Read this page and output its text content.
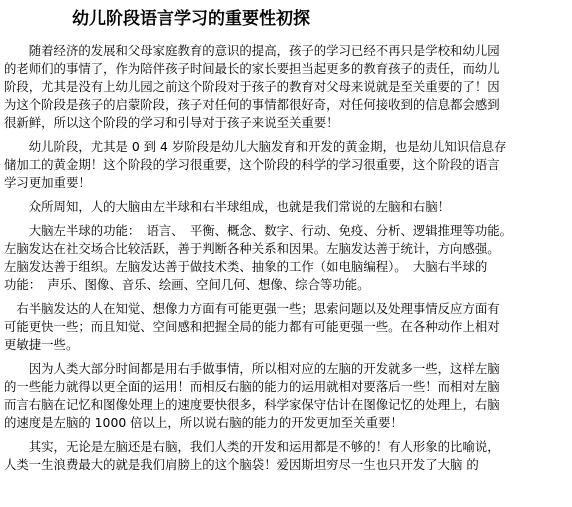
幼儿阶段语言学习的重要性初探

　　随着经济的发展和父母家庭教育的意识的提高，孩子的学习已经不再只是学校和幼儿园

的老师们的事情了，作为陪伴孩子时间最长的家长要担当起更多的教育孩子的责任，而幼儿

阶段，尤其是没有上幼儿园之前这个阶段对于孩子的教育对父母来说就是至关重要的了！因

为这个阶段是孩子的启蒙阶段，孩子对任何的事情都很好奇，对任何接收到的信息都会感到

很新鲜，所以这个阶段的学习和引导对于孩子来说至关重要！

　　幼儿阶段，尤其是 0 到 4 岁阶段是幼儿大脑发育和开发的黄金期，也是幼儿知识信息存

储加工的黄金期！这个阶段的学习很重要，这个阶段的科学的学习很重要，这个阶段的语言

学习更加重要！

　　众所周知，人的大脑由左半球和右半球组成，也就是我们常说的左脑和右脑！

　　大脑左半球的功能：　语言、　平衡、概念、数字、行动、免疫、分析、逻辑推理等功能。

左脑发达在社交场合比较活跃，善于判断各种关系和因果。左脑发达善于统计，方向感强。

左脑发达善于组织。左脑发达善于做技术类、抽象的工作（如电脑编程）。　大脑右半球的

功能：　声乐、图像、音乐、绘画、空间几何、想像、综合等功能。

　右半脑发达的人在知觉、想像力方面有可能更强一些；思索问题以及处理事情反应方面有

可能更快一些；而且知觉、空间感和把握全局的能力都有可能更强一些。在各种动作上相对

更敏捷一些。

　　因为人类大部分时间都是用右手做事情，所以相对应的左脑的开发就多一些，这样左脑

的一些能力就得以更全面的运用！而相反右脑的能力的运用就相对要落后一些！而相对左脑

而言右脑在记忆和图像处理上的速度要快很多，科学家保守估计在图像记忆的处理上，右脑

的速度是左脑的 1000 倍以上，所以说右脑的能力的开发更加至关重要！

　　其实，无论是左脑还是右脑，我们人类的开发和运用都是不够的！有人形象的比喻说，

人类一生浪费最大的就是我们肩膀上的这个脑袋！爱因斯坦穷尽一生也只开发了大脑 的
